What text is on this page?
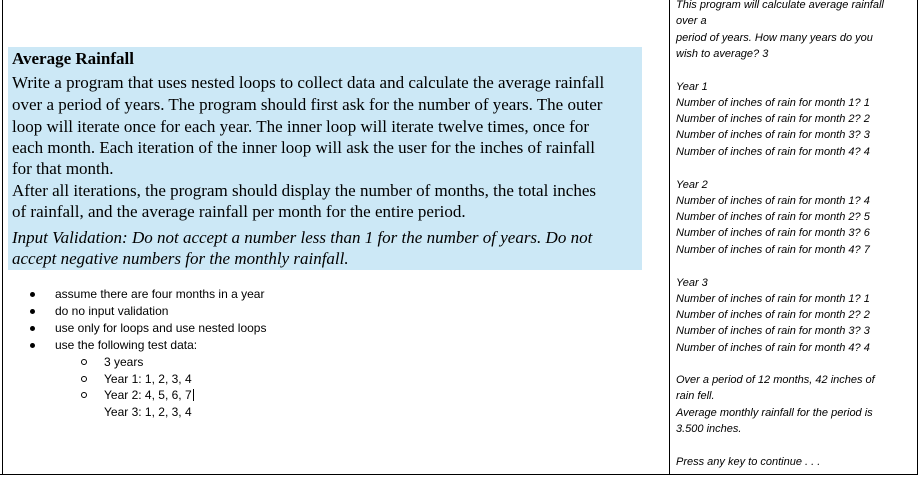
Average Rainfall
Write a program that uses nested loops to collect data and calculate the average rainfall
over a period of years. The program should first ask for the number of years. The outer
loop will iterate once for each year. The inner loop will iterate twelve times, once for
each month. Each iteration of the inner loop will ask the user for the inches of rainfall
for that month.
After all iterations, the program should display the number of months, the total inches
of rainfall, and the average rainfall per month for the entire period.
Input Validation: Do not accept a number less than 1 for the number of years. Do not
accept negative numbers for the monthly rainfall.
assume there are four months in a year
do no input validation
use only for loops and use nested loops
use the following test data:
3 years
Year 1: 1, 2, 3, 4
Year 2: 4, 5, 6, 7
Year 3: 1, 2, 3, 4
This program will calculate average rainfall
over a
period of years. How many years do you
wish to average? 3
Year 1
Number of inches of rain for month 1? 1
Number of inches of rain for month 2? 2
Number of inches of rain for month 3? 3
Number of inches of rain for month 4? 4
Year 2
Number of inches of rain for month 1? 4
Number of inches of rain for month 2? 5
Number of inches of rain for month 3? 6
Number of inches of rain for month 4? 7
Year 3
Number of inches of rain for month 1? 1
Number of inches of rain for month 2? 2
Number of inches of rain for month 3? 3
Number of inches of rain for month 4? 4
Over a period of 12 months, 42 inches of
rain fell.
Average monthly rainfall for the period is
3.500 inches.
Press any key to continue . . .
